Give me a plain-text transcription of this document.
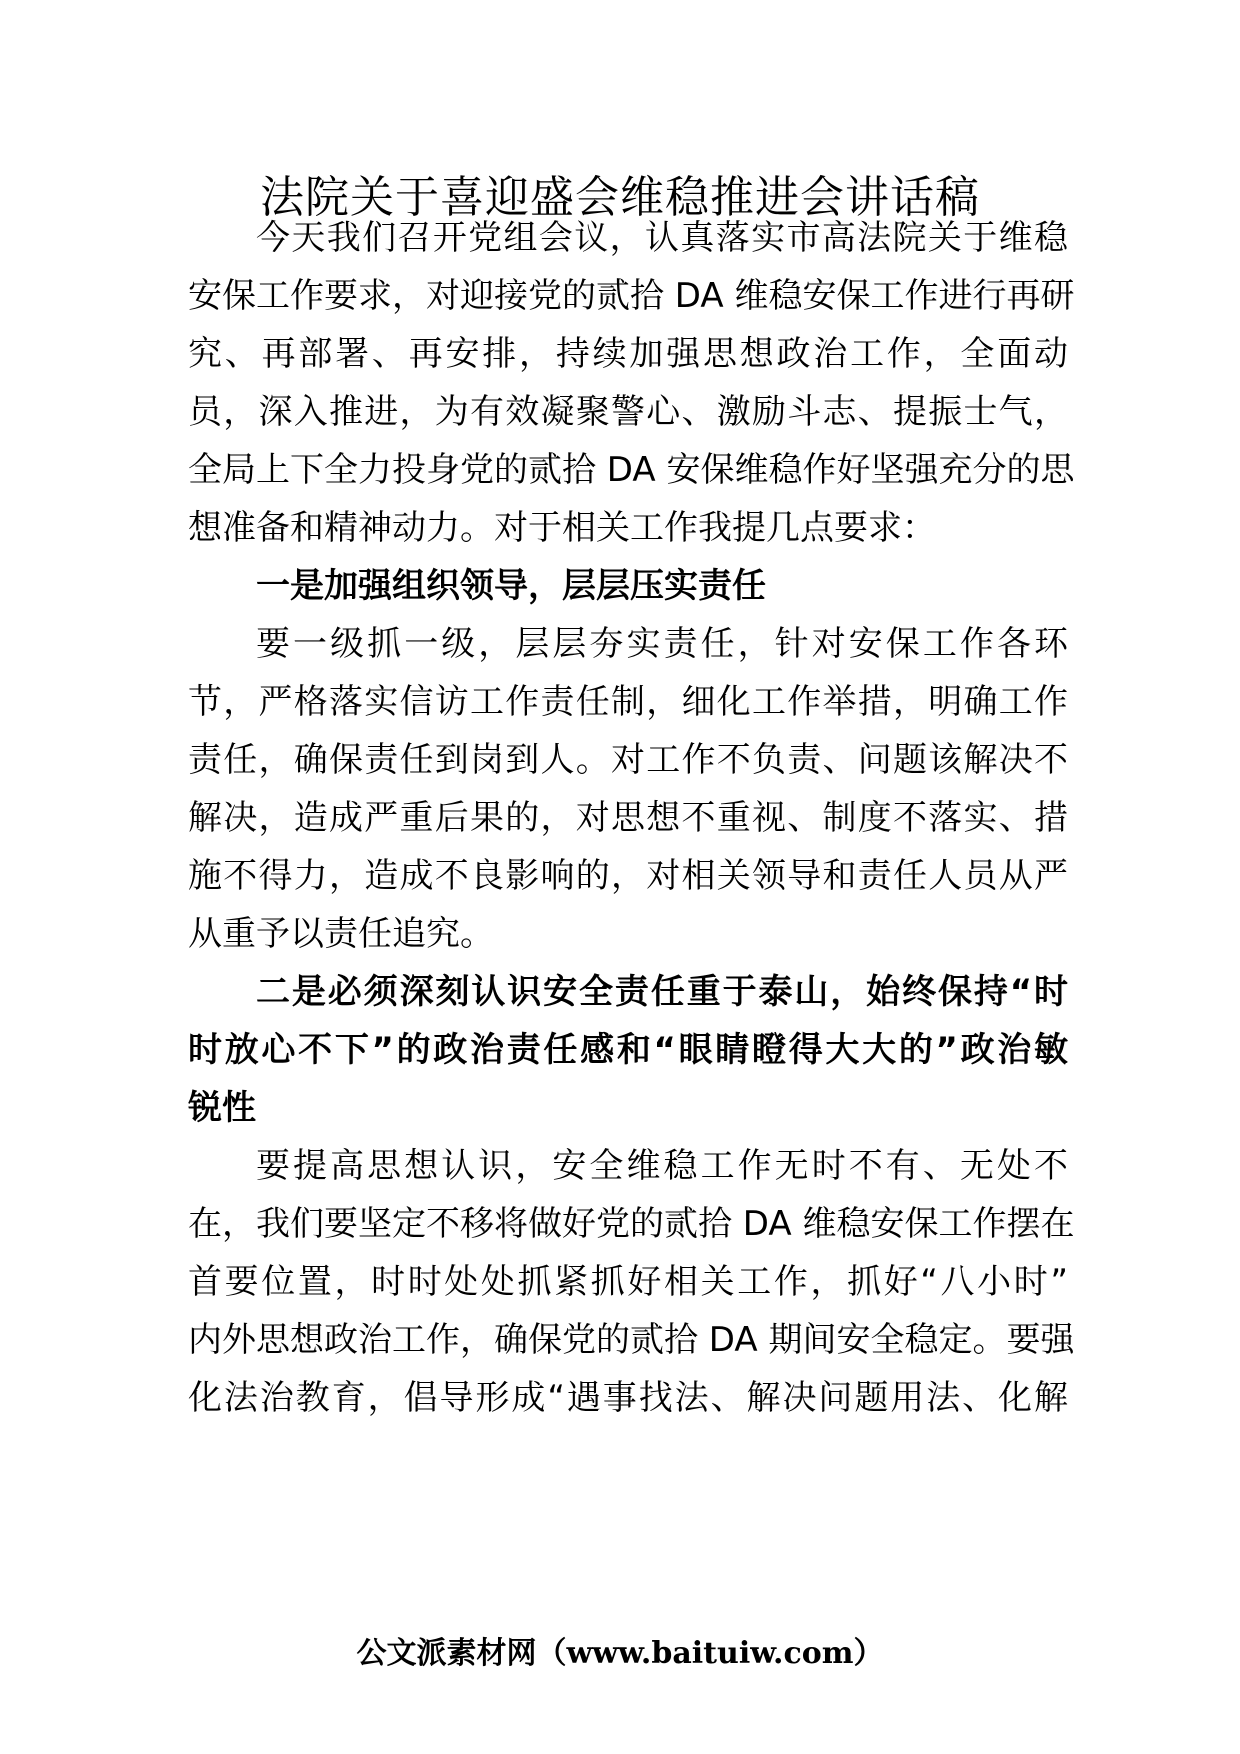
法院关于喜迎盛会维稳推进会讲话稿
今天我们召开党组会议，认真落实市高法院关于维稳
安保工作要求，对迎接党的贰拾 DA 维稳安保工作进行再研
究、再部署、再安排，持续加强思想政治工作，全面动
员，深入推进，为有效凝聚警心、激励斗志、提振士气，
全局上下全力投身党的贰拾 DA 安保维稳作好坚强充分的思
想准备和精神动力。对于相关工作我提几点要求：
一是加强组织领导，层层压实责任
要一级抓一级，层层夯实责任，针对安保工作各环
节，严格落实信访工作责任制，细化工作举措，明确工作
责任，确保责任到岗到人。对工作不负责、问题该解决不
解决，造成严重后果的，对思想不重视、制度不落实、措
施不得力，造成不良影响的，对相关领导和责任人员从严
从重予以责任追究。
二是必须深刻认识安全责任重于泰山，始终保持“时
时放心不下”的政治责任感和“眼睛瞪得大大的”政治敏
锐性
要提高思想认识，安全维稳工作无时不有、无处不
在，我们要坚定不移将做好党的贰拾 DA 维稳安保工作摆在
首要位置，时时处处抓紧抓好相关工作，抓好“八小时”
内外思想政治工作，确保党的贰拾 DA 期间安全稳定。要强
化法治教育，倡导形成“遇事找法、解决问题用法、化解
公文派素材网（www.baituiw.com）
